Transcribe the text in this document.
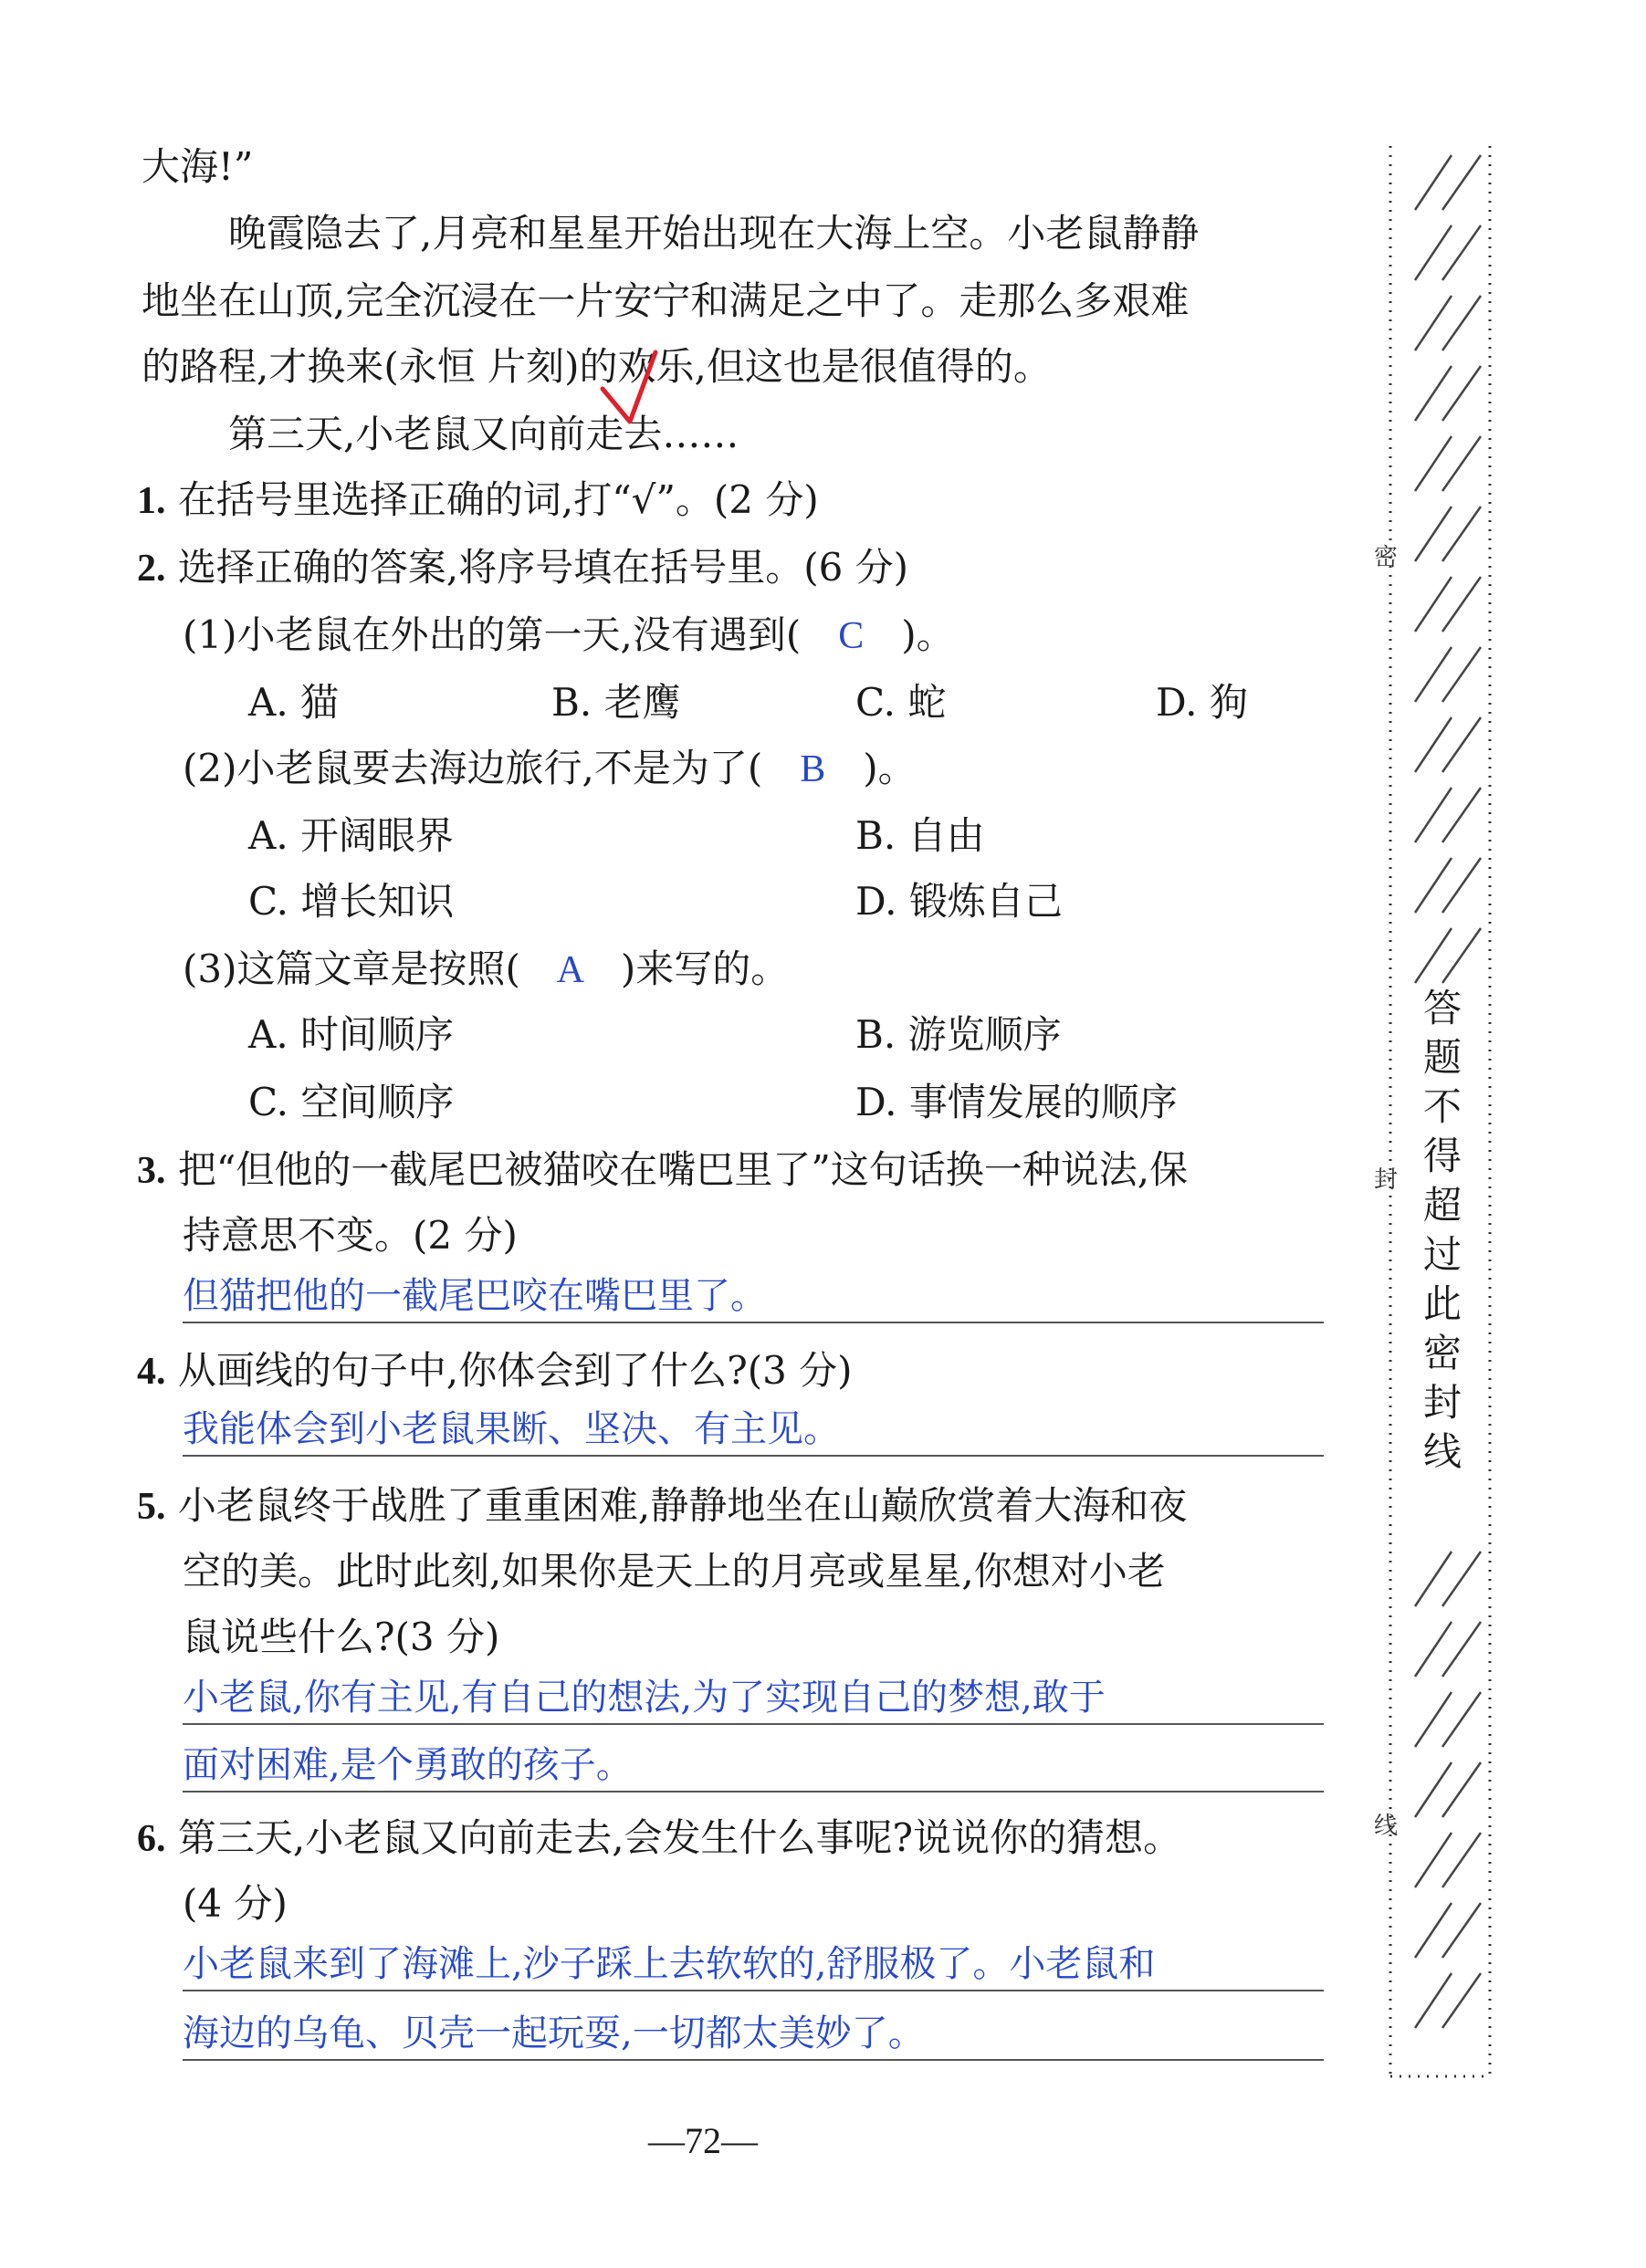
大海!”
晚霞隐去了,月亮和星星开始出现在大海上空。小老鼠静静
地坐在山顶,完全沉浸在一片安宁和满足之中了。走那么多艰难
的路程,才换来(永恒 片刻)的欢乐,但这也是很值得的。
第三天,小老鼠又向前走去……
1. 在括号里选择正确的词,打“√”。(2 分)
2. 选择正确的答案,将序号填在括号里。(6 分)
(1)小老鼠在外出的第一天,没有遇到( C )。
A. 猫	B. 老鹰	C. 蛇	D. 狗
(2)小老鼠要去海边旅行,不是为了( B )。
A. 开阔眼界	B. 自由
C. 增长知识	D. 锻炼自己
(3)这篇文章是按照( A )来写的。
A. 时间顺序	B. 游览顺序
C. 空间顺序	D. 事情发展的顺序
3. 把“但他的一截尾巴被猫咬在嘴巴里了”这句话换一种说法,保
持意思不变。(2 分)
但猫把他的一截尾巴咬在嘴巴里了。
4. 从画线的句子中,你体会到了什么?(3 分)
我能体会到小老鼠果断、坚决、有主见。
5. 小老鼠终于战胜了重重困难,静静地坐在山巅欣赏着大海和夜
空的美。此时此刻,如果你是天上的月亮或星星,你想对小老
鼠说些什么?(3 分)
小老鼠,你有主见,有自己的想法,为了实现自己的梦想,敢于
面对困难,是个勇敢的孩子。
6. 第三天,小老鼠又向前走去,会发生什么事呢?说说你的猜想。
(4 分)
小老鼠来到了海滩上,沙子踩上去软软的,舒服极了。小老鼠和
海边的乌龟、贝壳一起玩耍,一切都太美妙了。
—72—
答题不得超过此密封线
密
封
线
